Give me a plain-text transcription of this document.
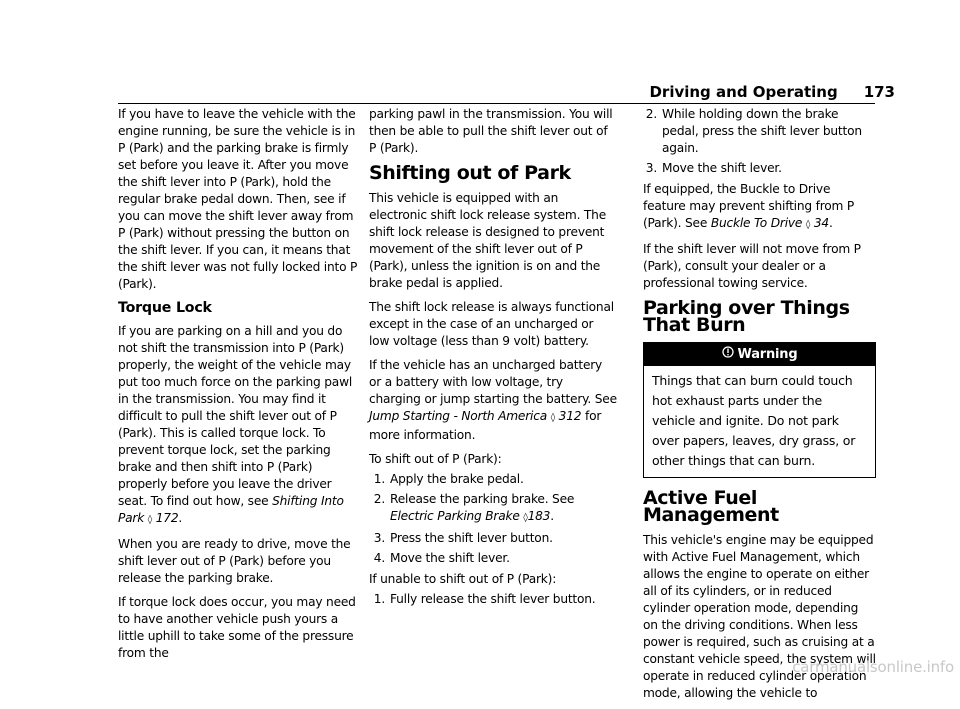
Driving and Operating 173

If you have to leave the vehicle with the engine running, be sure the vehicle is in P (Park) and the parking brake is firmly set before you leave it. After you move the shift lever into P (Park), hold the regular brake pedal down. Then, see if you can move the shift lever away from P (Park) without pressing the button on the shift lever. If you can, it means that the shift lever was not fully locked into P (Park).

Torque Lock

If you are parking on a hill and you do not shift the transmission into P (Park) properly, the weight of the vehicle may put too much force on the parking pawl in the transmission. You may find it difficult to pull the shift lever out of P (Park). This is called torque lock. To prevent torque lock, set the parking brake and then shift into P (Park) properly before you leave the driver seat. To find out how, see Shifting Into Park ◊ 172.

When you are ready to drive, move the shift lever out of P (Park) before you release the parking brake.

If torque lock does occur, you may need to have another vehicle push yours a little uphill to take some of the pressure from the

parking pawl in the transmission. You will then be able to pull the shift lever out of P (Park).

Shifting out of Park

This vehicle is equipped with an electronic shift lock release system. The shift lock release is designed to prevent movement of the shift lever out of P (Park), unless the ignition is on and the brake pedal is applied.

The shift lock release is always functional except in the case of an uncharged or low voltage (less than 9 volt) battery.

If the vehicle has an uncharged battery or a battery with low voltage, try charging or jump starting the battery. See Jump Starting - North America ◊ 312 for more information.

To shift out of P (Park):

1. Apply the brake pedal.
2. Release the parking brake. See Electric Parking Brake ◊183.
3. Press the shift lever button.
4. Move the shift lever.

If unable to shift out of P (Park):

1. Fully release the shift lever button.
2. While holding down the brake pedal, press the shift lever button again.
3. Move the shift lever.

If equipped, the Buckle to Drive feature may prevent shifting from P (Park). See Buckle To Drive ◊ 34.

If the shift lever will not move from P (Park), consult your dealer or a professional towing service.

Parking over Things That Burn
Warning
Things that can burn could touch hot exhaust parts under the vehicle and ignite. Do not park over papers, leaves, dry grass, or other things that can burn.
Active Fuel Management

This vehicle's engine may be equipped with Active Fuel Management, which allows the engine to operate on either all of its cylinders, or in reduced cylinder operation mode, depending on the driving conditions. When less power is required, such as cruising at a constant vehicle speed, the system will operate in reduced cylinder operation mode, allowing the vehicle to

carmanualsonline.info
